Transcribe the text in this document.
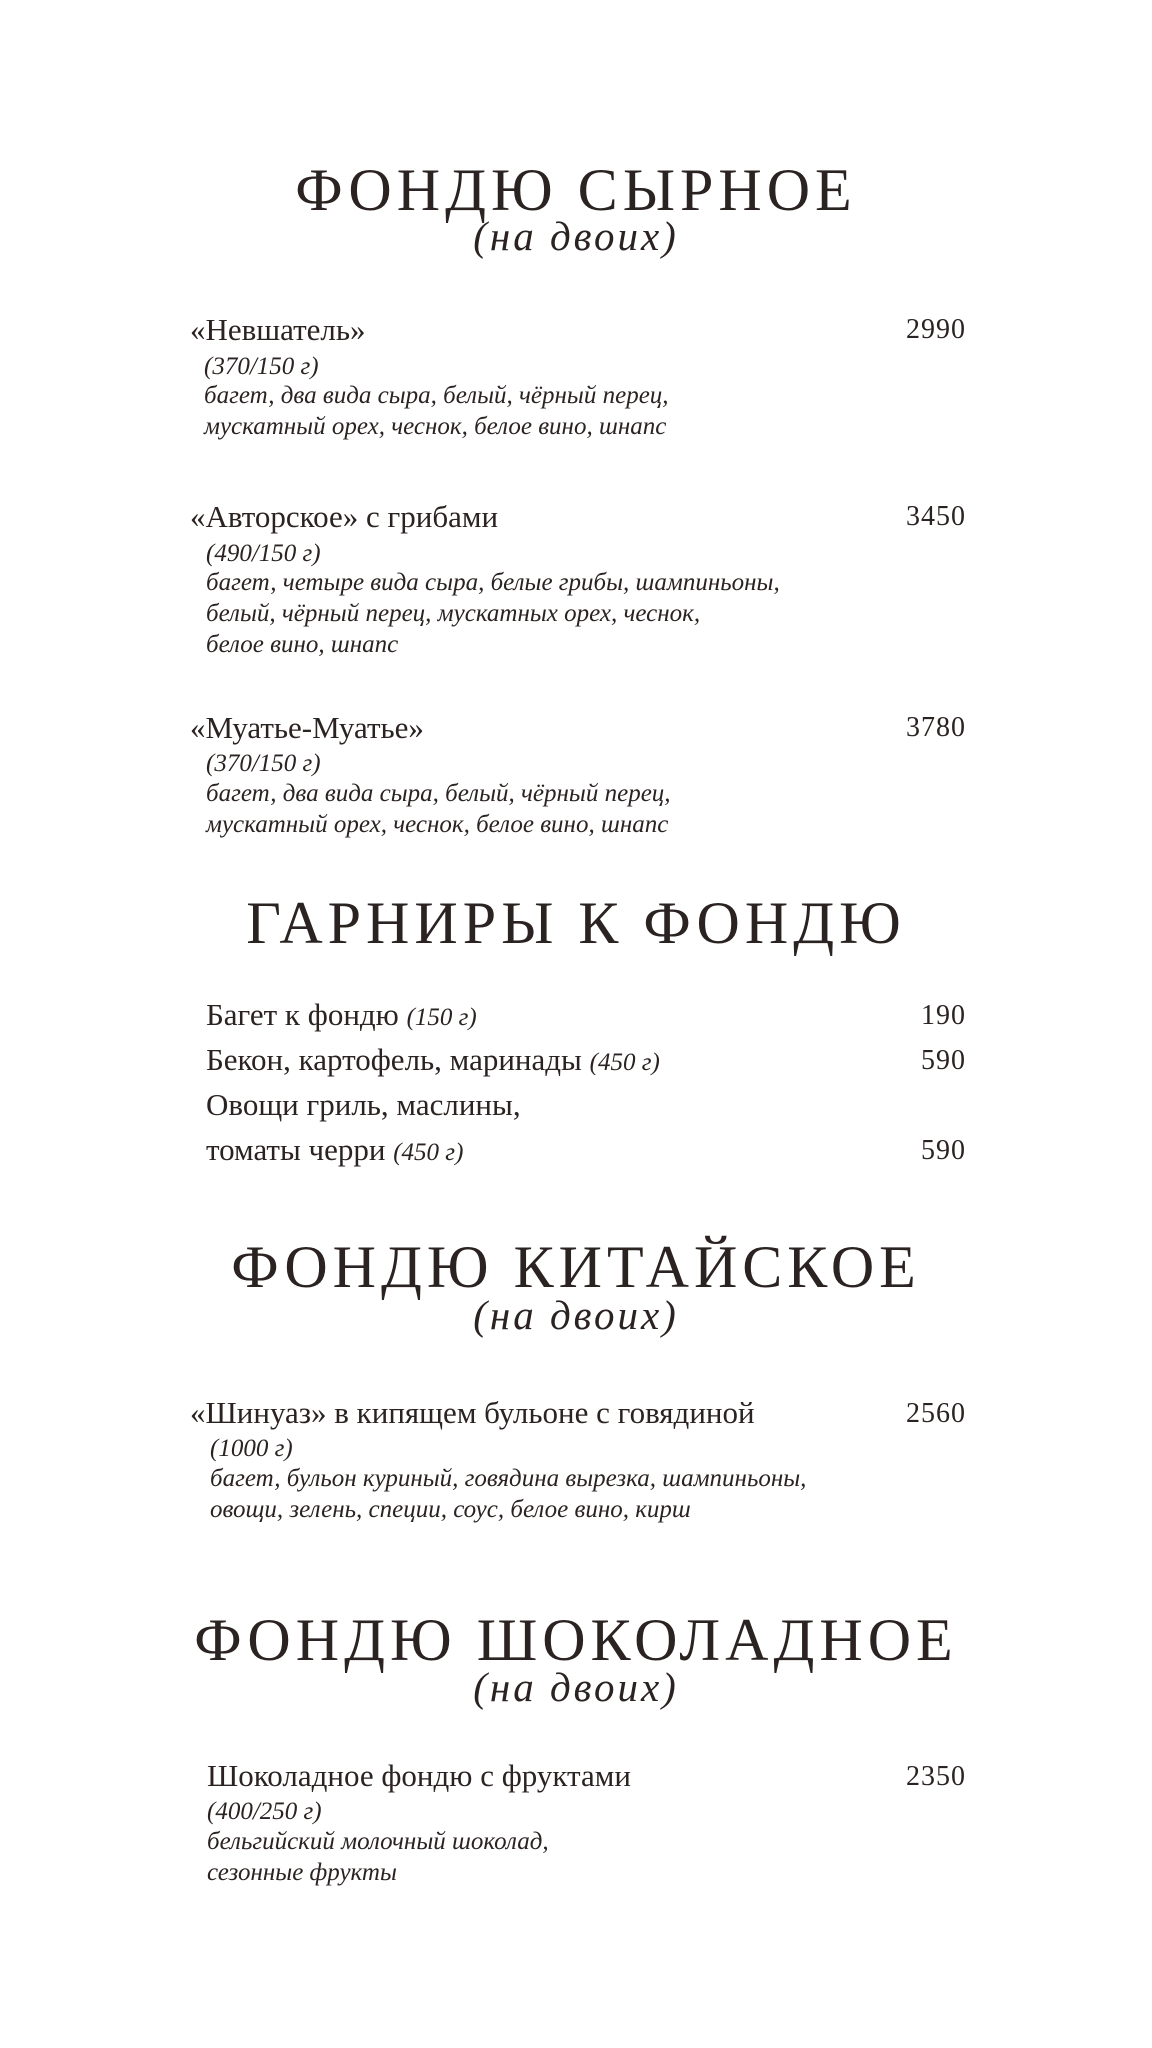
ФОНДЮ СЫРНОЕ
(на двоих)
«Невшатель»	2990
(370/150 г)
багет, два вида сыра, белый, чёрный перец,
мускатный орех, чеснок, белое вино, шнапс
«Авторское» с грибами	3450
(490/150 г)
багет, четыре вида сыра, белые грибы, шампиньоны,
белый, чёрный перец, мускатных орех, чеснок,
белое вино, шнапс
«Муатье-Муатье»	3780
(370/150 г)
багет, два вида сыра, белый, чёрный перец,
мускатный орех, чеснок, белое вино, шнапс
ГАРНИРЫ К ФОНДЮ
Багет к фондю (150 г)	190
Бекон, картофель, маринады (450 г)	590
Овощи гриль, маслины,
томаты черри (450 г)	590
ФОНДЮ КИТАЙСКОЕ
(на двоих)
«Шинуаз» в кипящем бульоне с говядиной	2560
(1000 г)
багет, бульон куриный, говядина вырезка, шампиньоны,
овощи, зелень, специи, соус, белое вино, кирш
ФОНДЮ ШОКОЛАДНОЕ
(на двоих)
Шоколадное фондю с фруктами	2350
(400/250 г)
бельгийский молочный шоколад,
сезонные фрукты
